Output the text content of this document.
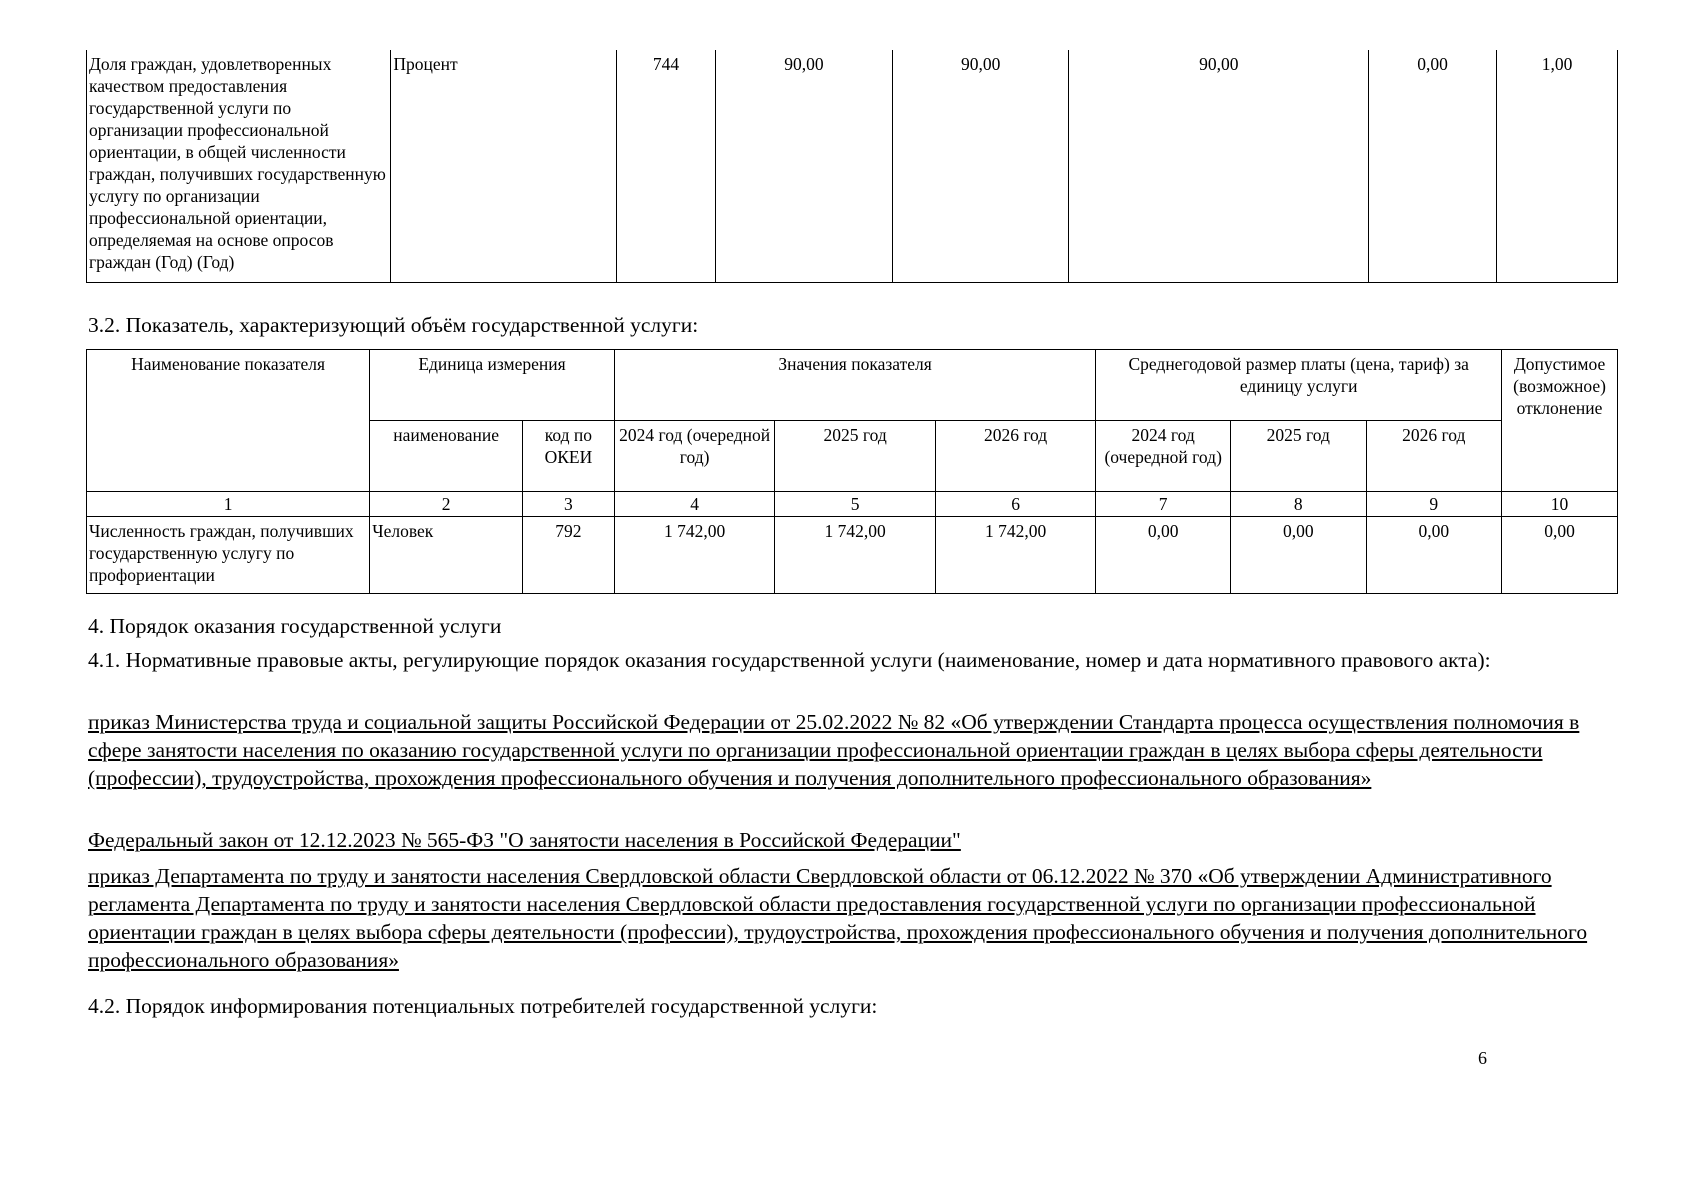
Доля граждан, удовлетворенных качеством предоставления государственной услуги по организации профессиональной ориентации, в общей численности граждан, получивших государственную услугу по организации профессиональной ориентации, определяемая на основе опросов граждан (Год) (Год)	Процент	744	90,00	90,00	90,00	0,00	1,00
3.2. Показатель, характеризующий объём государственной услуги:
Наименование показателя	Единица измерения		Значения показателя			Среднегодовой размер платы (цена, тариф) за единицу услуги			Допустимое (возможное) отклонение
	наименование	код по ОКЕИ	2024 год (очередной год)	2025 год	2026 год	2024 год (очередной год)	2025 год	2026 год	
1	2	3	4	5	6	7	8	9	10
Численность граждан, получивших государственную услугу по профориентации	Человек	792	1 742,00	1 742,00	1 742,00	0,00	0,00	0,00	0,00
4. Порядок оказания государственной услуги
4.1. Нормативные правовые акты, регулирующие порядок оказания государственной услуги (наименование, номер и дата нормативного правового акта):
приказ Министерства труда и социальной защиты Российской Федерации от 25.02.2022 № 82 «Об утверждении Стандарта процесса осуществления полномочия в сфере занятости населения по оказанию государственной услуги по организации профессиональной ориентации граждан в целях выбора сферы деятельности (профессии), трудоустройства, прохождения профессионального обучения и получения дополнительного профессионального образования»
Федеральный закон от 12.12.2023 № 565-ФЗ "О занятости населения в Российской Федерации"
приказ Департамента по труду и занятости населения Свердловской области Свердловской области от 06.12.2022 № 370 «Об утверждении Административного регламента Департамента по труду и занятости населения Свердловской области предоставления государственной услуги по организации профессиональной ориентации граждан в целях выбора сферы деятельности (профессии), трудоустройства, прохождения профессионального обучения и получения дополнительного профессионального образования»
4.2. Порядок информирования потенциальных потребителей государственной услуги:
6
